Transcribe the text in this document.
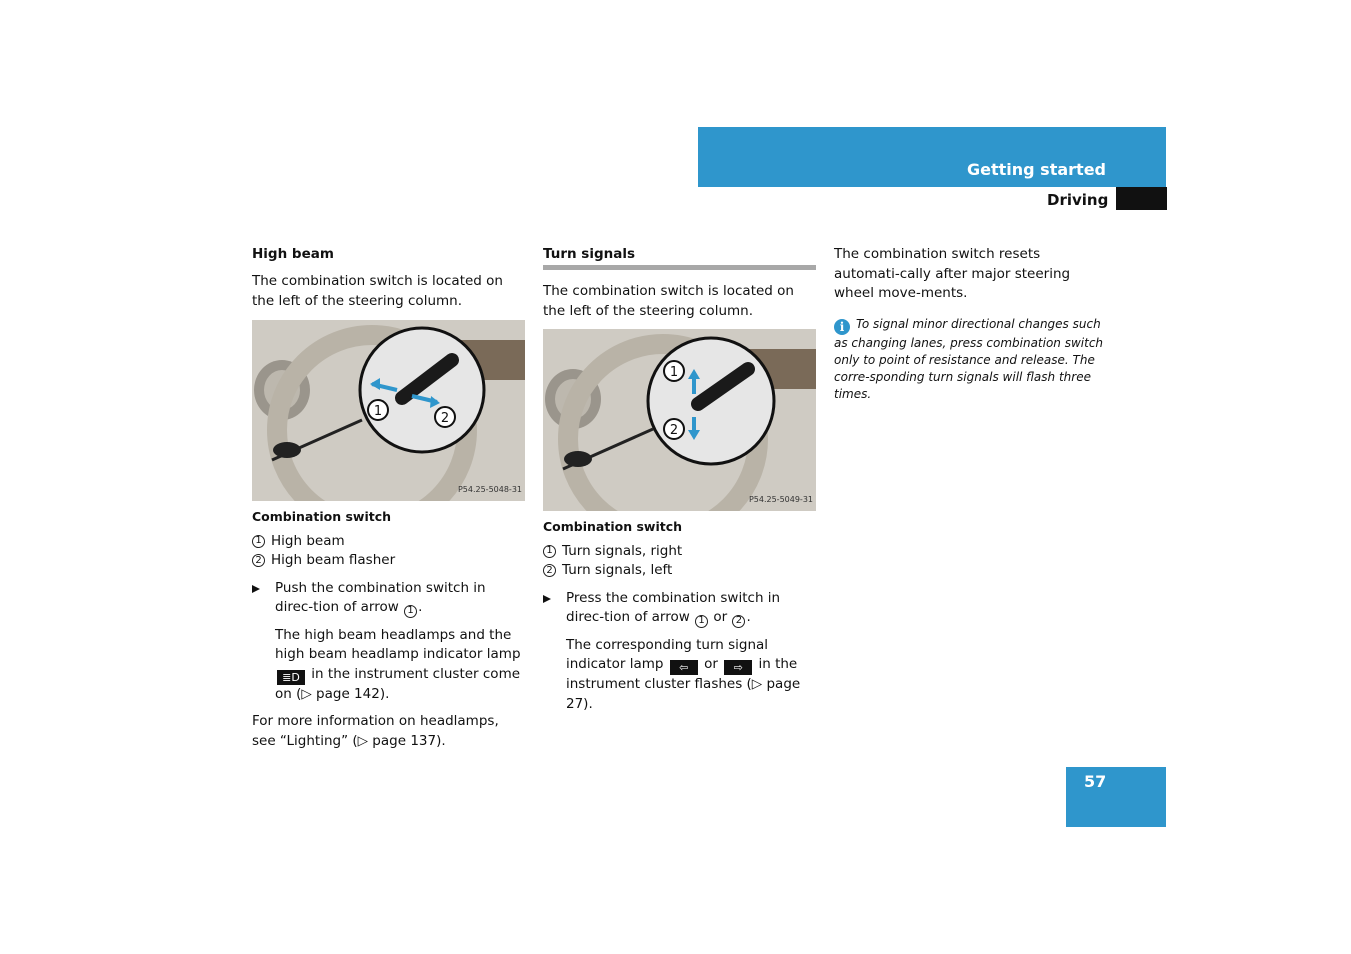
Getting started
Driving
High beam

The combination switch is located on the left of the steering column.

1	2
P54.25-5048-31
Combination switch
1 High beam
2 High beam flasher
Push the combination switch in direc-tion of arrow 1 .

The high beam headlamps and the high beam headlamp indicator lamp ≣D in the instrument cluster come on (▷ page 142).

For more information on headlamps, see “Lighting” (▷ page 137).

Turn signals

The combination switch is located on the left of the steering column.

1
2
P54.25-5049-31
Combination switch
1 Turn signals, right
2 Turn signals, left
Press the combination switch in direc-tion of arrow 1 or 2 .

The corresponding turn signal indicator lamp ⇦ or ⇨ in the instrument cluster flashes (▷ page 27).

The combination switch resets automati-cally after major steering wheel move-ments.

i To signal minor directional changes such as changing lanes, press combination switch only to point of resistance and release. The corre-sponding turn signals will flash three times.

57
